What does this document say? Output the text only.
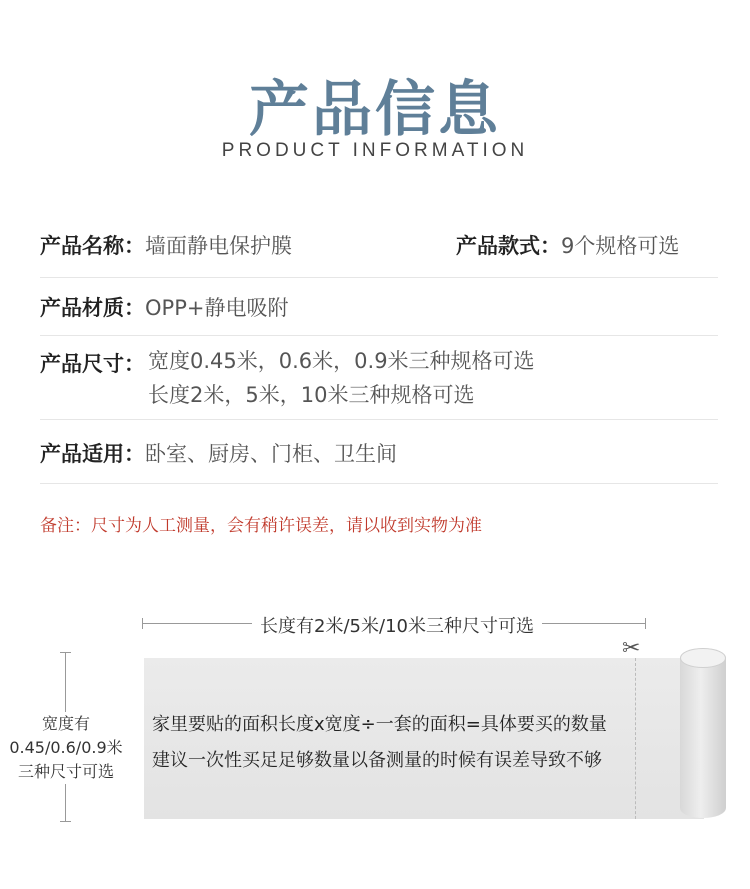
产品信息
PRODUCT INFORMATION
产品名称：墙面静电保护膜	产品款式：9个规格可选
产品材质：OPP+静电吸附
产品尺寸： 宽度0.45米，0.6米，0.9米三种规格可选
长度2米，5米，10米三种规格可选
产品适用：卧室、厨房、门柜、卫生间
备注：尺寸为人工测量，会有稍许误差，请以收到实物为准
长度有2米/5米/10米三种尺寸可选
宽度有
0.45/0.6/0.9米
三种尺寸可选
✂
家里要贴的面积长度x宽度÷一套的面积=具体要买的数量
建议一次性买足足够数量以备测量的时候有误差导致不够
